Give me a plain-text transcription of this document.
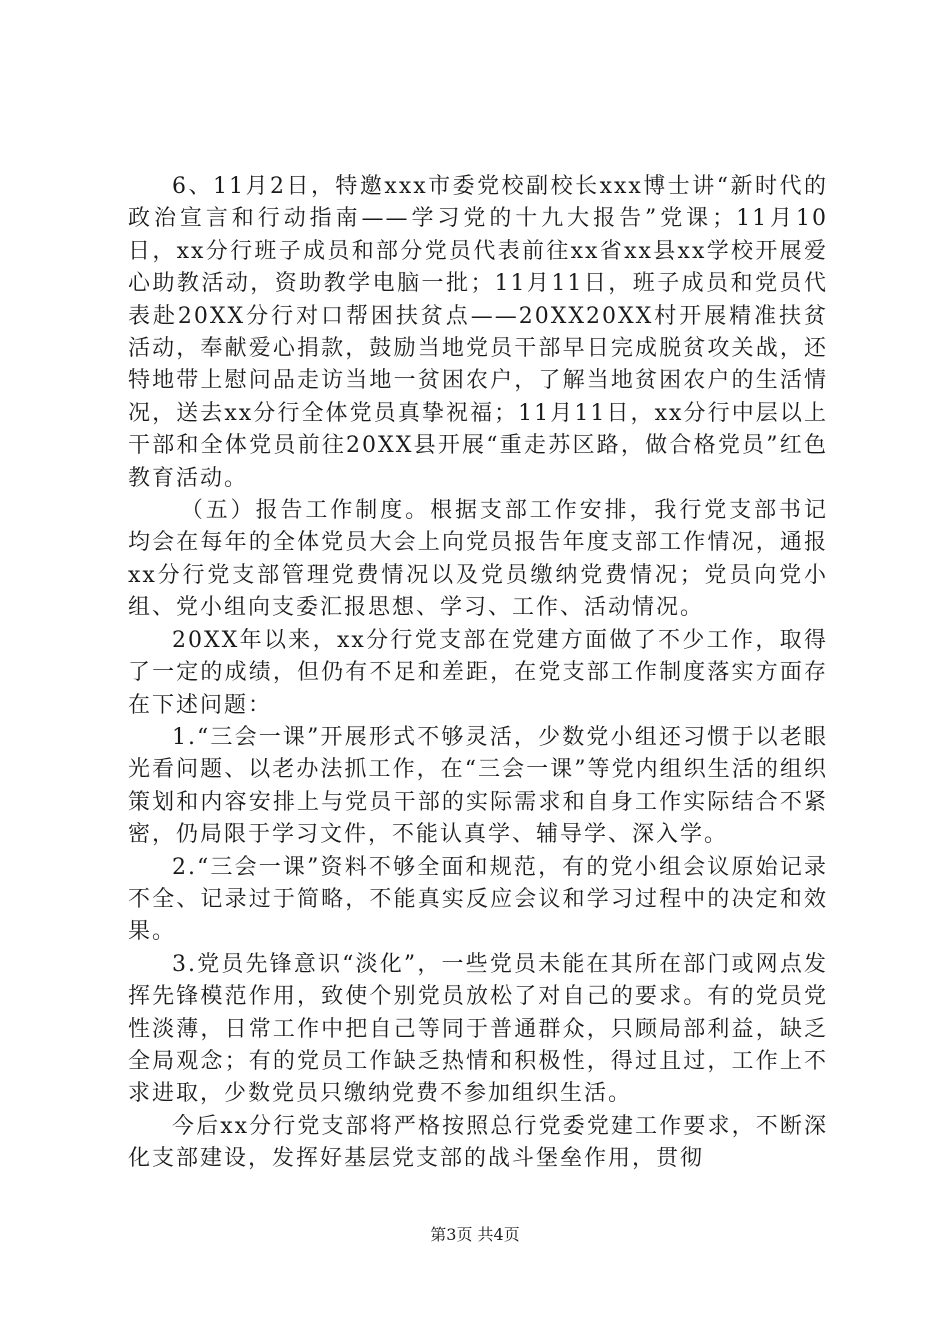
6、11月2日，特邀xxx市委党校副校长xxx博士讲“新时代的政治宣言和行动指南——学习党的十九大报告”党课；11月10日，xx分行班子成员和部分党员代表前往xx省xx县xx学校开展爱心助教活动，资助教学电脑一批；11月11日，班子成员和党员代表赴20XX分行对口帮困扶贫点——20XX20XX村开展精准扶贫活动，奉献爱心捐款，鼓励当地党员干部早日完成脱贫攻关战，还特地带上慰问品走访当地一贫困农户，了解当地贫困农户的生活情况，送去xx分行全体党员真挚祝福；11月11日，xx分行中层以上干部和全体党员前往20XX县开展“重走苏区路，做合格党员”红色教育活动。

（五）报告工作制度。根据支部工作安排，我行党支部书记均会在每年的全体党员大会上向党员报告年度支部工作情况，通报xx分行党支部管理党费情况以及党员缴纳党费情况；党员向党小组、党小组向支委汇报思想、学习、工作、活动情况。

20XX年以来，xx分行党支部在党建方面做了不少工作，取得了一定的成绩，但仍有不足和差距，在党支部工作制度落实方面存在下述问题：

1.“三会一课”开展形式不够灵活，少数党小组还习惯于以老眼光看问题、以老办法抓工作，在“三会一课”等党内组织生活的组织策划和内容安排上与党员干部的实际需求和自身工作实际结合不紧密，仍局限于学习文件，不能认真学、辅导学、深入学。

2.“三会一课”资料不够全面和规范，有的党小组会议原始记录不全、记录过于简略，不能真实反应会议和学习过程中的决定和效果。

3.党员先锋意识“淡化”，一些党员未能在其所在部门或网点发挥先锋模范作用，致使个别党员放松了对自己的要求。有的党员党性淡薄，日常工作中把自己等同于普通群众，只顾局部利益，缺乏全局观念；有的党员工作缺乏热情和积极性，得过且过，工作上不求进取，少数党员只缴纳党费不参加组织生活。

今后xx分行党支部将严格按照总行党委党建工作要求，不断深化支部建设，发挥好基层党支部的战斗堡垒作用，贯彻

第3页 共4页
